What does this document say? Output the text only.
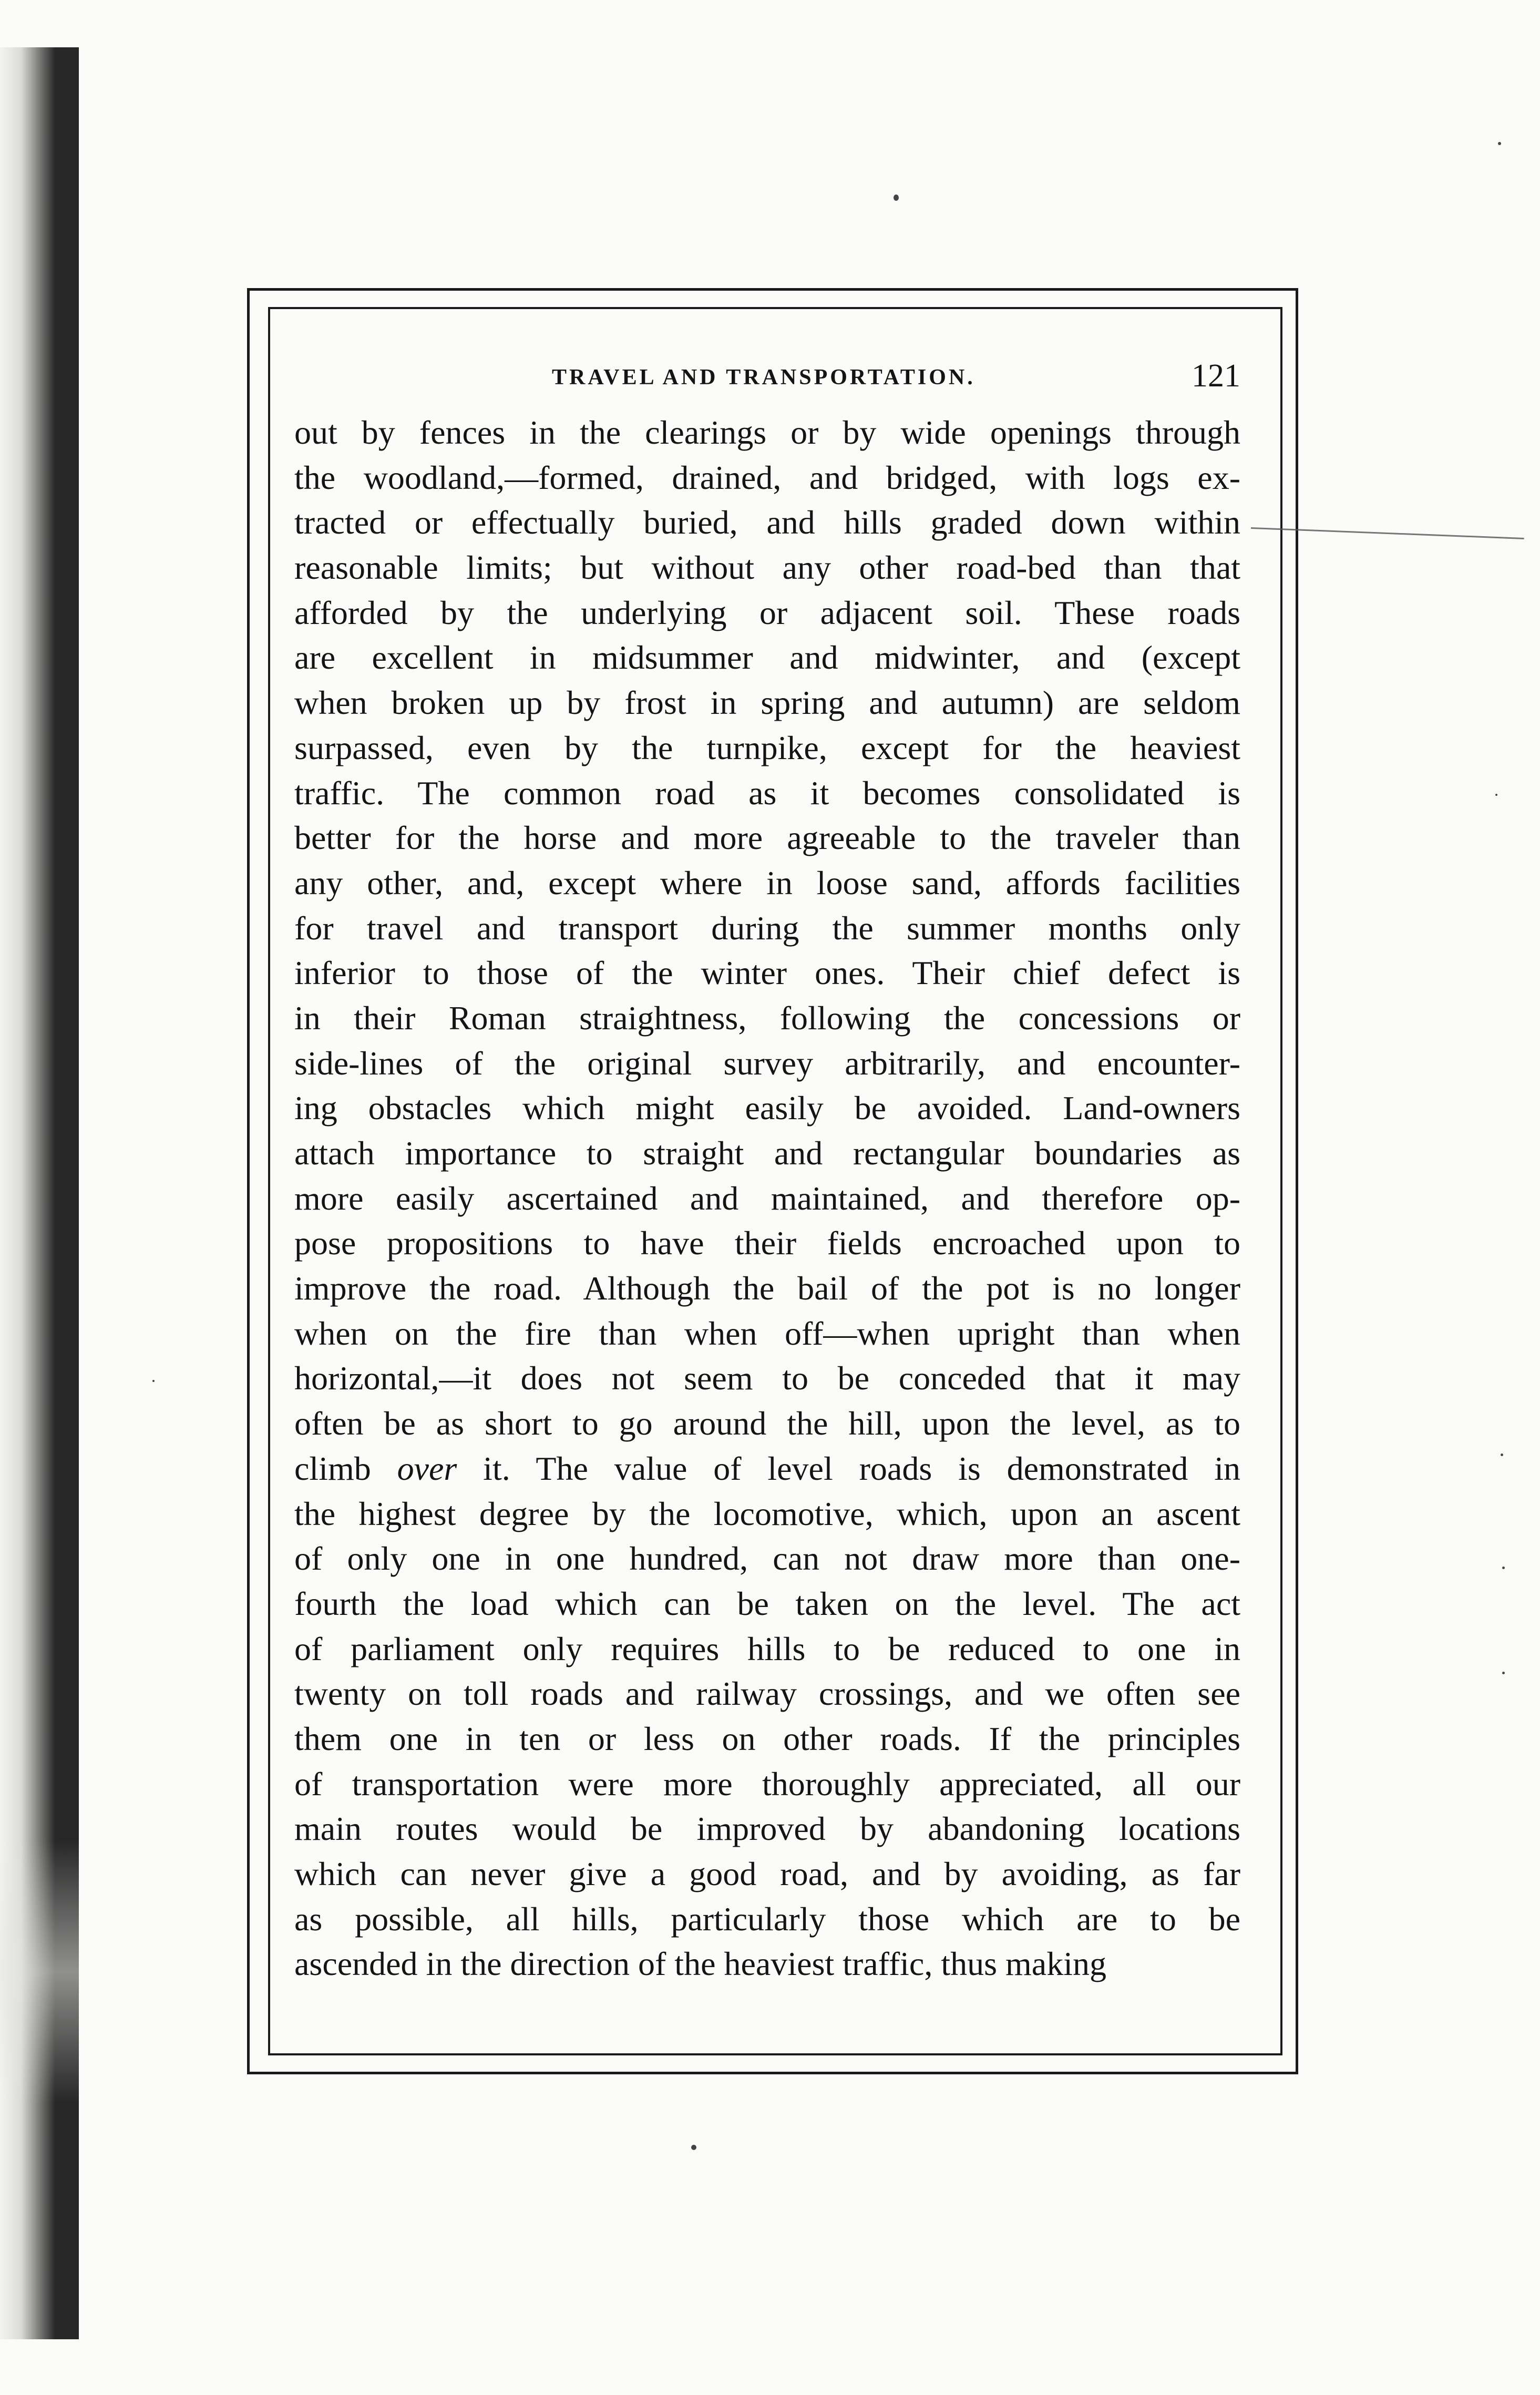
TRAVEL AND TRANSPORTATION.	121
out by fences in the clearings or by wide openings through
the woodland,—formed, drained, and bridged, with logs ex-
tracted or effectually buried, and hills graded down within
reasonable limits; but without any other road-bed than that
afforded by the underlying or adjacent soil. These roads
are excellent in midsummer and midwinter, and (except
when broken up by frost in spring and autumn) are seldom
surpassed, even by the turnpike, except for the heaviest
traffic. The common road as it becomes consolidated is
better for the horse and more agreeable to the traveler than
any other, and, except where in loose sand, affords facilities
for travel and transport during the summer months only
inferior to those of the winter ones. Their chief defect is
in their Roman straightness, following the concessions or
side-lines of the original survey arbitrarily, and encounter-
ing obstacles which might easily be avoided. Land-owners
attach importance to straight and rectangular boundaries as
more easily ascertained and maintained, and therefore op-
pose propositions to have their fields encroached upon to
improve the road. Although the bail of the pot is no longer
when on the fire than when off—when upright than when
horizontal,—it does not seem to be conceded that it may
often be as short to go around the hill, upon the level, as to
climb over it. The value of level roads is demonstrated in
the highest degree by the locomotive, which, upon an ascent
of only one in one hundred, can not draw more than one-
fourth the load which can be taken on the level. The act
of parliament only requires hills to be reduced to one in
twenty on toll roads and railway crossings, and we often see
them one in ten or less on other roads. If the principles
of transportation were more thoroughly appreciated, all our
main routes would be improved by abandoning locations
which can never give a good road, and by avoiding, as far
as possible, all hills, particularly those which are to be
ascended in the direction of the heaviest traffic, thus making
